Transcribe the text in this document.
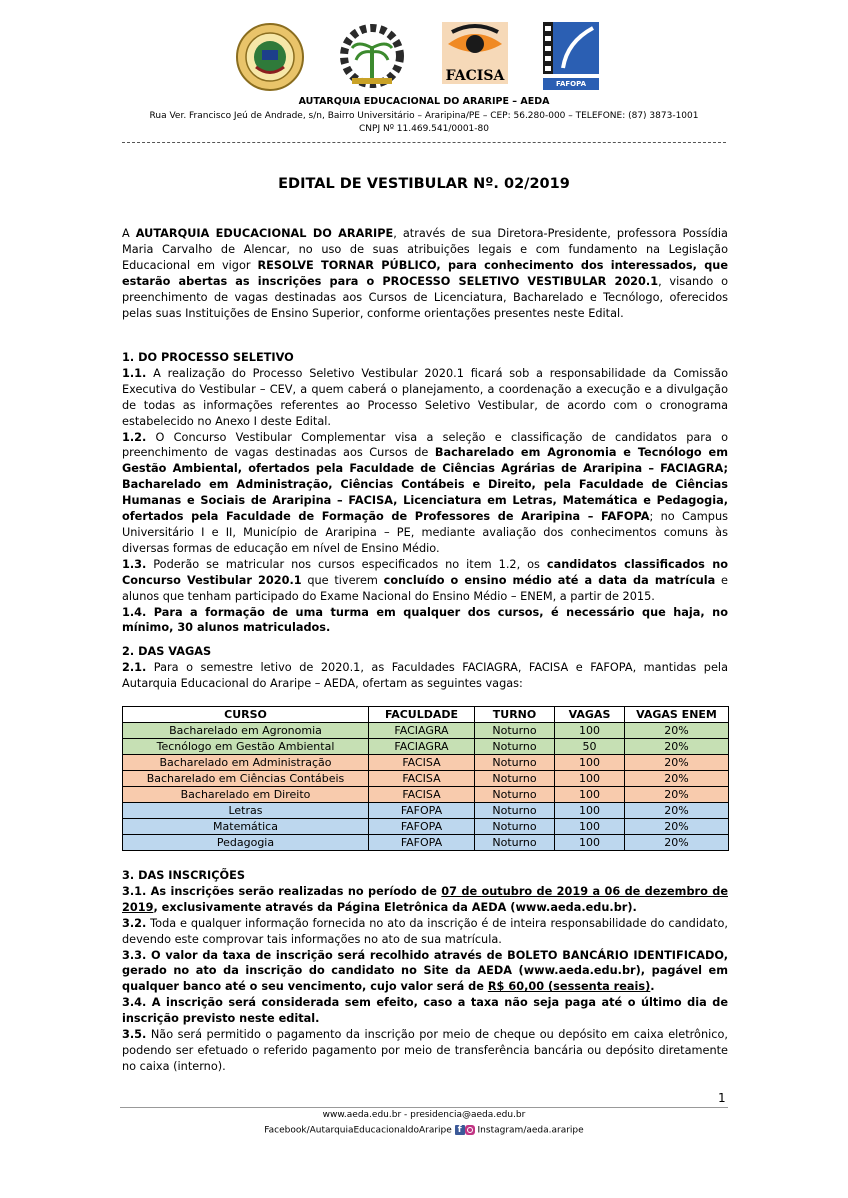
FACISA	FAFOPA
AUTARQUIA EDUCACIONAL DO ARARIPE – AEDA
Rua Ver. Francisco Jeú de Andrade, s/n, Bairro Universitário – Araripina/PE – CEP: 56.280-000 – TELEFONE: (87) 3873-1001
CNPJ Nº 11.469.541/0001-80
EDITAL DE VESTIBULAR Nº. 02/2019

A AUTARQUIA EDUCACIONAL DO ARARIPE, através de sua Diretora-Presidente, professora Possídia Maria Carvalho de Alencar, no uso de suas atribuições legais e com fundamento na Legislação Educacional em vigor RESOLVE TORNAR PÚBLICO, para conhecimento dos interessados, que estarão abertas as inscrições para o PROCESSO SELETIVO VESTIBULAR 2020.1, visando o preenchimento de vagas destinadas aos Cursos de Licenciatura, Bacharelado e Tecnólogo, oferecidos pelas suas Instituições de Ensino Superior, conforme orientações presentes neste Edital.

1. DO PROCESSO SELETIVO

1.1. A realização do Processo Seletivo Vestibular 2020.1 ficará sob a responsabilidade da Comissão Executiva do Vestibular – CEV, a quem caberá o planejamento, a coordenação a execução e a divulgação de todas as informações referentes ao Processo Seletivo Vestibular, de acordo com o cronograma estabelecido no Anexo I deste Edital.

1.2. O Concurso Vestibular Complementar visa a seleção e classificação de candidatos para o preenchimento de vagas destinadas aos Cursos de Bacharelado em Agronomia e Tecnólogo em Gestão Ambiental, ofertados pela Faculdade de Ciências Agrárias de Araripina – FACIAGRA; Bacharelado em Administração, Ciências Contábeis e Direito, pela Faculdade de Ciências Humanas e Sociais de Araripina – FACISA, Licenciatura em Letras, Matemática e Pedagogia, ofertados pela Faculdade de Formação de Professores de Araripina – FAFOPA; no Campus Universitário I e II, Município de Araripina – PE, mediante avaliação dos conhecimentos comuns às diversas formas de educação em nível de Ensino Médio.

1.3. Poderão se matricular nos cursos especificados no item 1.2, os candidatos classificados no Concurso Vestibular 2020.1 que tiverem concluído o ensino médio até a data da matrícula e alunos que tenham participado do Exame Nacional do Ensino Médio – ENEM, a partir de 2015.

1.4. Para a formação de uma turma em qualquer dos cursos, é necessário que haja, no mínimo, 30 alunos matriculados.

2. DAS VAGAS

2.1. Para o semestre letivo de 2020.1, as Faculdades FACIAGRA, FACISA e FAFOPA, mantidas pela Autarquia Educacional do Araripe – AEDA, ofertam as seguintes vagas:

CURSO	FACULDADE	TURNO	VAGAS	VAGAS ENEM
Bacharelado em Agronomia	FACIAGRA	Noturno	100	20%
Tecnólogo em Gestão Ambiental	FACIAGRA	Noturno	50	20%
Bacharelado em Administração	FACISA	Noturno	100	20%
Bacharelado em Ciências Contábeis	FACISA	Noturno	100	20%
Bacharelado em Direito	FACISA	Noturno	100	20%
Letras	FAFOPA	Noturno	100	20%
Matemática	FAFOPA	Noturno	100	20%
Pedagogia	FAFOPA	Noturno	100	20%

3. DAS INSCRIÇÕES

3.1. As inscrições serão realizadas no período de 07 de outubro de 2019 a 06 de dezembro de 2019, exclusivamente através da Página Eletrônica da AEDA (www.aeda.edu.br).

3.2. Toda e qualquer informação fornecida no ato da inscrição é de inteira responsabilidade do candidato, devendo este comprovar tais informações no ato de sua matrícula.

3.3. O valor da taxa de inscrição será recolhido através de BOLETO BANCÁRIO IDENTIFICADO, gerado no ato da inscrição do candidato no Site da AEDA (www.aeda.edu.br), pagável em qualquer banco até o seu vencimento, cujo valor será de R$ 60,00 (sessenta reais).

3.4. A inscrição será considerada sem efeito, caso a taxa não seja paga até o último dia de inscrição previsto neste edital.

3.5. Não será permitido o pagamento da inscrição por meio de cheque ou depósito em caixa eletrônico, podendo ser efetuado o referido pagamento por meio de transferência bancária ou depósito diretamente no caixa (interno).

1
www.aeda.edu.br - presidencia@aeda.edu.br
Facebook/AutarquiaEducacionaldoAraripe f Instagram/aeda.araripe
